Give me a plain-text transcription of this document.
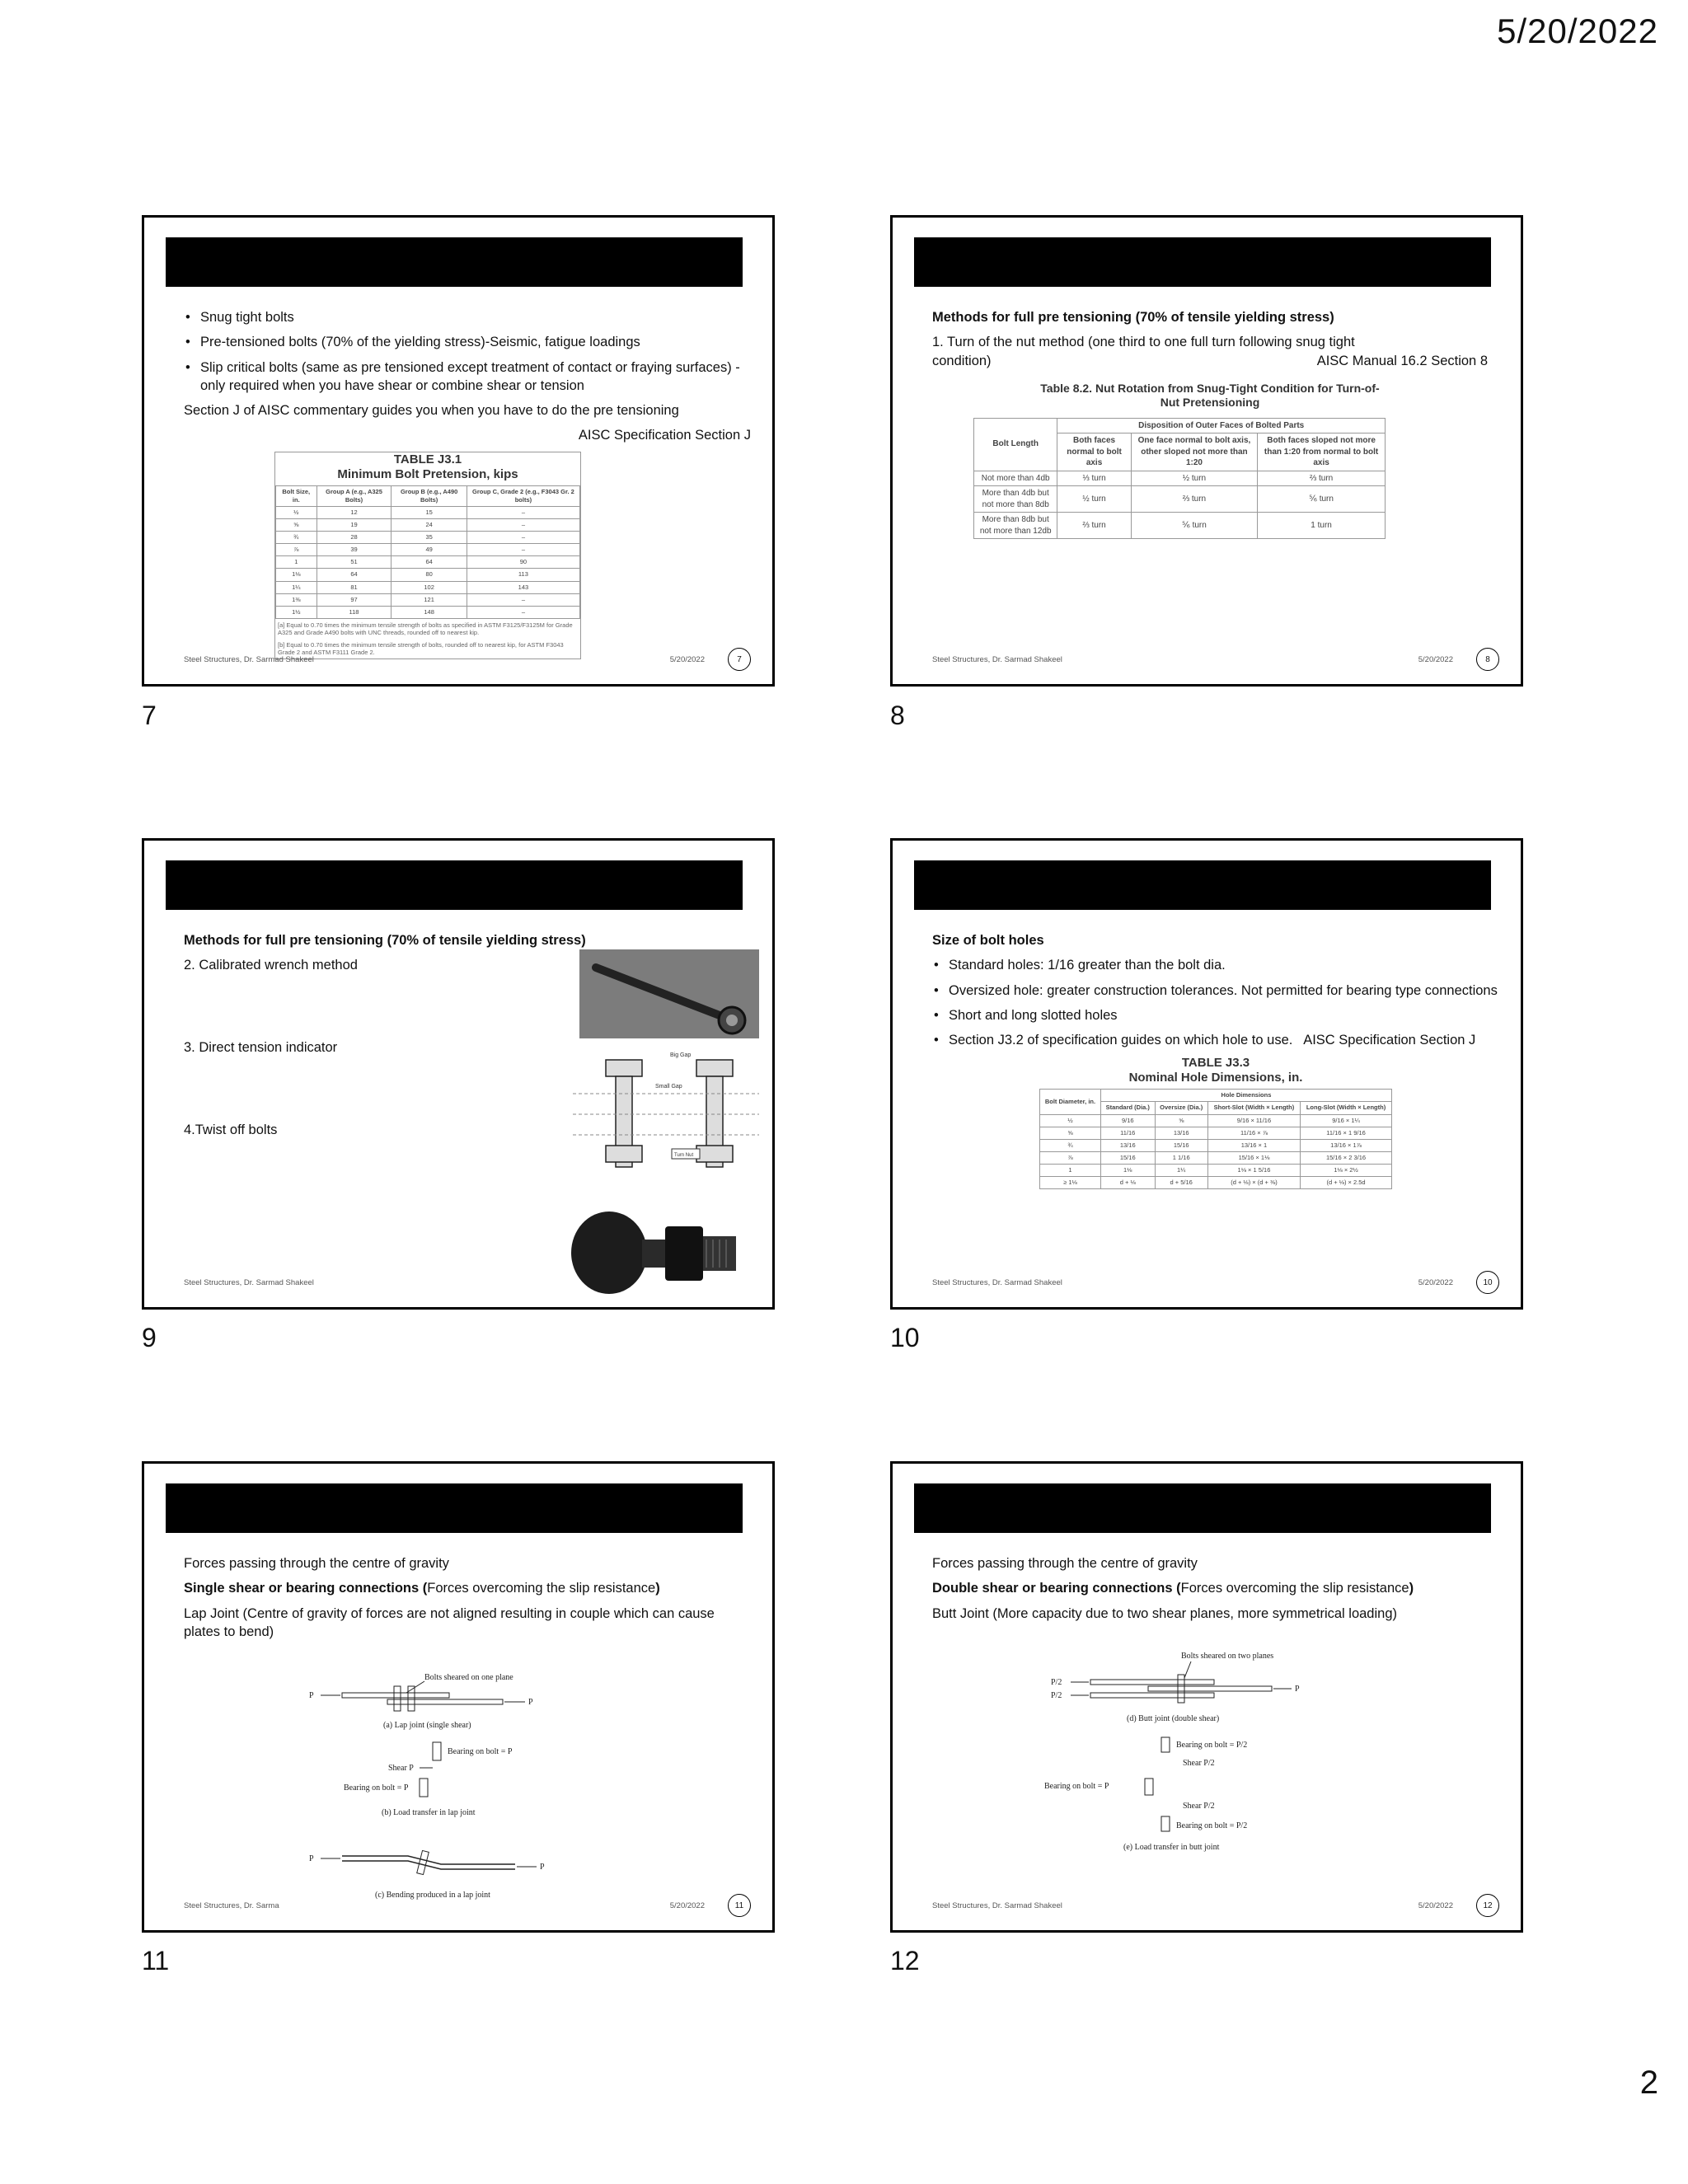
5/20/2022
• Snug tight bolts
• Pre-tensioned bolts (70% of the yielding stress)-Seismic, fatigue loadings
• Slip critical bolts (same as pre tensioned except treatment of contact or fraying surfaces) -only required when you have shear or combine shear or tension
Section J of AISC commentary guides you when you have to do the pre tensioning
AISC Specification Section J
TABLE J3.1
Minimum Bolt Pretension, kips
Bolt Size, in.	Group A (e.g., A325 Bolts)	Group B (e.g., A490 Bolts)	Group C, Grade 2 (e.g., F3043 Gr. 2 bolts)
½	12	15	–
⅝	19	24	–
¾	28	35	–
⅞	39	49	–
1	51	64	90
1⅛	64	80	113
1¼	81	102	143
1⅜	97	121	–
1½	118	148	–
[a] Equal to 0.70 times the minimum tensile strength of bolts as specified in ASTM F3125/F3125M for Grade A325 and Grade A490 bolts with UNC threads, rounded off to nearest kip.
[b] Equal to 0.70 times the minimum tensile strength of bolts, rounded off to nearest kip, for ASTM F3043 Grade 2 and ASTM F3111 Grade 2.
Steel Structures, Dr. Sarmad Shakeel	5/20/2022	7
7
Methods for full pre tensioning (70% of tensile yielding stress)
1. Turn of the nut method (one third to one full turn following snug tight condition)	AISC Manual 16.2 Section 8
Table 8.2. Nut Rotation from Snug-Tight Condition for Turn-of-Nut Pretensioning
Bolt Length	Disposition of Outer Faces of Bolted Parts		
	Both faces normal to bolt axis	One face normal to bolt axis, other sloped not more than 1:20	Both faces sloped not more than 1:20 from normal to bolt axis
Not more than 4db	⅓ turn	½ turn	⅔ turn
More than 4db but not more than 8db	½ turn	⅔ turn	⅚ turn
More than 8db but not more than 12db	⅔ turn	⅚ turn	1 turn
Steel Structures, Dr. Sarmad Shakeel	5/20/2022	8
8
Methods for full pre tensioning (70% of tensile yielding stress)
2. Calibrated wrench method
3. Direct tension indicator
4.Twist off bolts
Big Gap
Small Gap
Turn Nut
Steel Structures, Dr. Sarmad Shakeel
9
Size of bolt holes
• Standard holes: 1/16 greater than the bolt dia.
• Oversized hole: greater construction tolerances. Not permitted for bearing type connections
• Short and long slotted holes
• Section J3.2 of specification guides on which hole to use. AISC Specification Section J
TABLE J3.3
Nominal Hole Dimensions, in.
Bolt Diameter, in.	Hole Dimensions			
	Standard (Dia.)	Oversize (Dia.)	Short-Slot (Width × Length)	Long-Slot (Width × Length)
½	9/16	⅝	9/16 × 11/16	9/16 × 1¼
⅝	11/16	13/16	11/16 × ⅞	11/16 × 1 9/16
¾	13/16	15/16	13/16 × 1	13/16 × 1⅞
⅞	15/16	1 1/16	15/16 × 1⅛	15/16 × 2 3/16
1	1⅛	1¼	1⅛ × 1 5/16	1⅛ × 2½
≥ 1⅛	d + ⅛	d + 5/16	(d + ⅛) × (d + ⅜)	(d + ⅛) × 2.5d
Steel Structures, Dr. Sarmad Shakeel	5/20/2022	10
10
Forces passing through the centre of gravity
Single shear or bearing connections (Forces overcoming the slip resistance)
Lap Joint (Centre of gravity of forces are not aligned resulting in couple which can cause plates to bend)
Bolts sheared on one plane
P
P
(a) Lap joint (single shear)
Bearing on bolt = P
Shear P
Bearing on bolt = P
(b) Load transfer in lap joint
P
P
(c) Bending produced in a lap joint
Steel Structures, Dr. Sarma	5/20/2022	11
11
Forces passing through the centre of gravity
Double shear or bearing connections (Forces overcoming the slip resistance)
Butt Joint (More capacity due to two shear planes, more symmetrical loading)
Bolts sheared on two planes
P/2
P/2
P
(d) Butt joint (double shear)
Bearing on bolt = P/2
Shear P/2
Bearing on bolt = P
Shear P/2
Bearing on bolt = P/2
(e) Load transfer in butt joint
Steel Structures, Dr. Sarmad Shakeel	5/20/2022	12
12
2
